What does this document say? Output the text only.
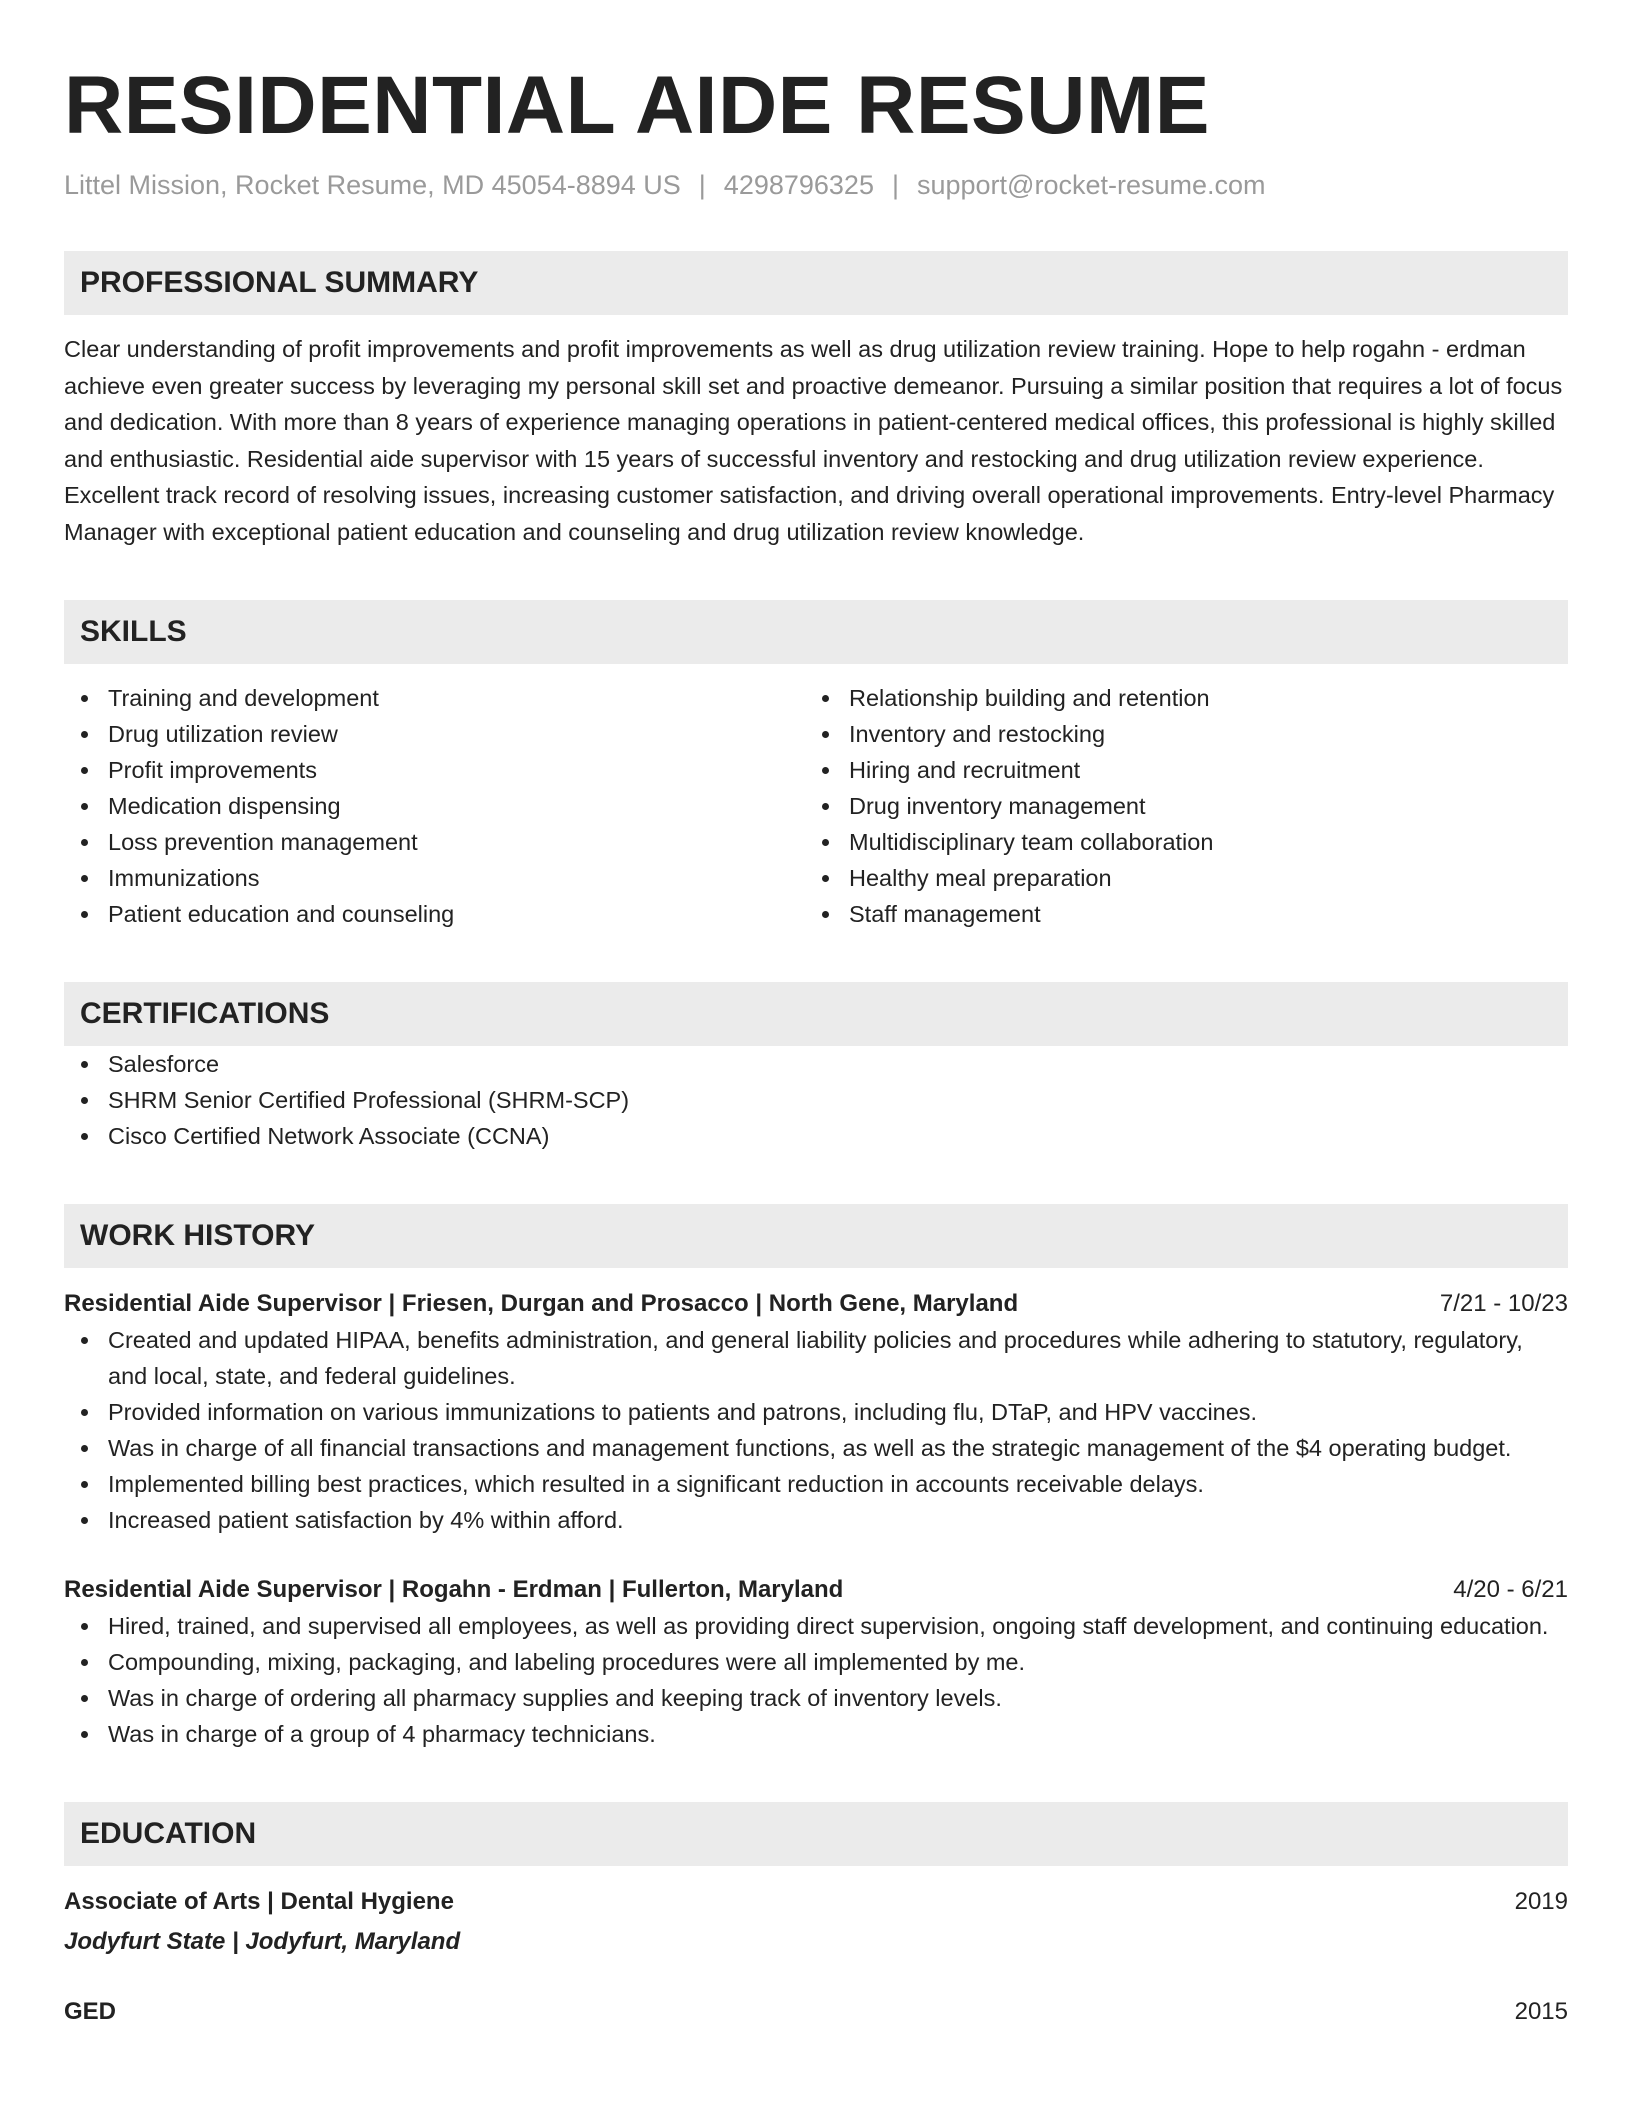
RESIDENTIAL AIDE RESUME
Littel Mission, Rocket Resume, MD 45054-8894 US | 4298796325 | support@rocket-resume.com
PROFESSIONAL SUMMARY
Clear understanding of profit improvements and profit improvements as well as drug utilization review training. Hope to help rogahn - erdman achieve even greater success by leveraging my personal skill set and proactive demeanor. Pursuing a similar position that requires a lot of focus and dedication. With more than 8 years of experience managing operations in patient-centered medical offices, this professional is highly skilled and enthusiastic. Residential aide supervisor with 15 years of successful inventory and restocking and drug utilization review experience. Excellent track record of resolving issues, increasing customer satisfaction, and driving overall operational improvements. Entry-level Pharmacy Manager with exceptional patient education and counseling and drug utilization review knowledge.
SKILLS
Training and development
Drug utilization review
Profit improvements
Medication dispensing
Loss prevention management
Immunizations
Patient education and counseling
Relationship building and retention
Inventory and restocking
Hiring and recruitment
Drug inventory management
Multidisciplinary team collaboration
Healthy meal preparation
Staff management
CERTIFICATIONS
Salesforce
SHRM Senior Certified Professional (SHRM-SCP)
Cisco Certified Network Associate (CCNA)
WORK HISTORY
Residential Aide Supervisor | Friesen, Durgan and Prosacco | North Gene, Maryland	7/21 - 10/23
Created and updated HIPAA, benefits administration, and general liability policies and procedures while adhering to statutory, regulatory, and local, state, and federal guidelines.
Provided information on various immunizations to patients and patrons, including flu, DTaP, and HPV vaccines.
Was in charge of all financial transactions and management functions, as well as the strategic management of the $4 operating budget.
Implemented billing best practices, which resulted in a significant reduction in accounts receivable delays.
Increased patient satisfaction by 4% within afford.
Residential Aide Supervisor | Rogahn - Erdman | Fullerton, Maryland	4/20 - 6/21
Hired, trained, and supervised all employees, as well as providing direct supervision, ongoing staff development, and continuing education.
Compounding, mixing, packaging, and labeling procedures were all implemented by me.
Was in charge of ordering all pharmacy supplies and keeping track of inventory levels.
Was in charge of a group of 4 pharmacy technicians.
EDUCATION
Associate of Arts | Dental Hygiene	2019
Jodyfurt State | Jodyfurt, Maryland
GED	2015
